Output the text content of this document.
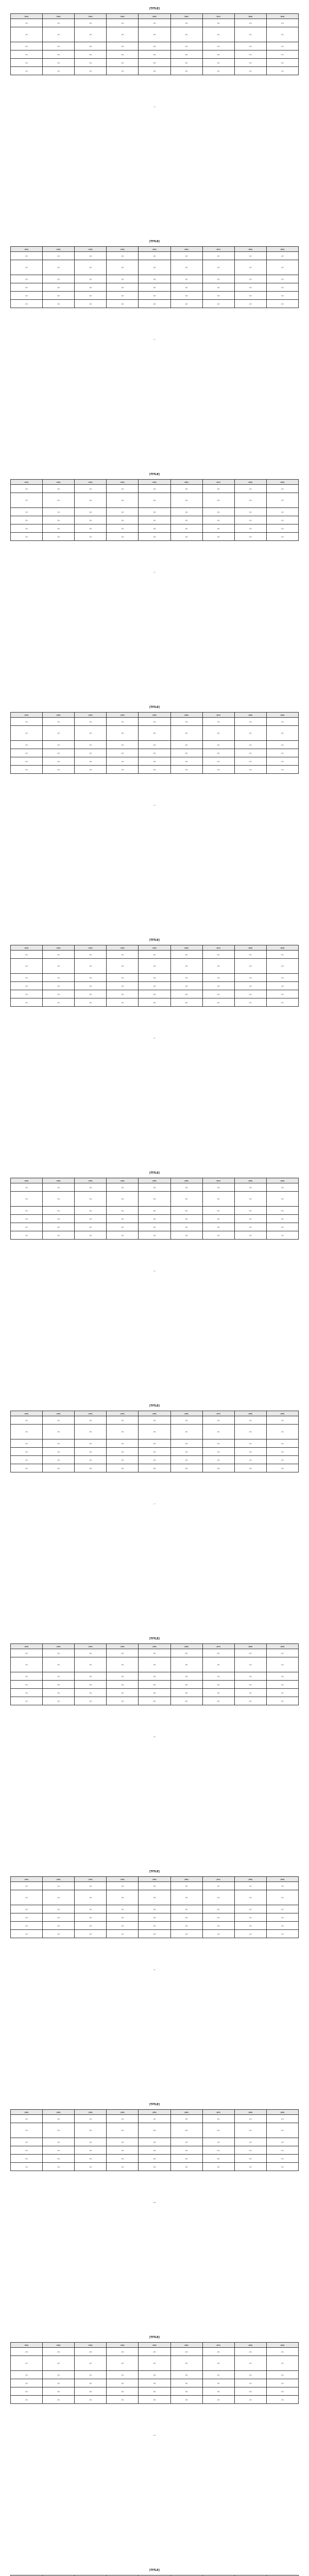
[TITLE]
[H1]	[H2]	[H3]	[H4]	[H5]	[H6]	[H7]	[H8]	[H9]
[X]	[X]	[X]	[X]	[X]	[X]	[X]	[X]	[X]
[X]	[X]	[X]	[X]	[X]	[X]	[X]	[X]	[X]
[X]	[X]	[X]	[X]	[X]	[X]	[X]	[X]	[X]
[X]	[X]	[X]	[X]	[X]	[X]	[X]	[X]	[X]
[X]	[X]	[X]	[X]	[X]	[X]	[X]	[X]	[X]
[X]	[X]	[X]	[X]	[X]	[X]	[X]	[X]	[X]
- 1 -
[TITLE]
[H1]	[H2]	[H3]	[H4]	[H5]	[H6]	[H7]	[H8]	[H9]
[X]	[X]	[X]	[X]	[X]	[X]	[X]	[X]	[X]
[X]	[X]	[X]	[X]	[X]	[X]	[X]	[X]	[X]
[X]	[X]	[X]	[X]	[X]	[X]	[X]	[X]	[X]
[X]	[X]	[X]	[X]	[X]	[X]	[X]	[X]	[X]
[X]	[X]	[X]	[X]	[X]	[X]	[X]	[X]	[X]
[X]	[X]	[X]	[X]	[X]	[X]	[X]	[X]	[X]
- 2 -
[TITLE]
[H1]	[H2]	[H3]	[H4]	[H5]	[H6]	[H7]	[H8]	[H9]
[X]	[X]	[X]	[X]	[X]	[X]	[X]	[X]	[X]
[X]	[X]	[X]	[X]	[X]	[X]	[X]	[X]	[X]
[X]	[X]	[X]	[X]	[X]	[X]	[X]	[X]	[X]
[X]	[X]	[X]	[X]	[X]	[X]	[X]	[X]	[X]
[X]	[X]	[X]	[X]	[X]	[X]	[X]	[X]	[X]
[X]	[X]	[X]	[X]	[X]	[X]	[X]	[X]	[X]
- 3 -
[TITLE]
[H1]	[H2]	[H3]	[H4]	[H5]	[H6]	[H7]	[H8]	[H9]
[X]	[X]	[X]	[X]	[X]	[X]	[X]	[X]	[X]
[X]	[X]	[X]	[X]	[X]	[X]	[X]	[X]	[X]
[X]	[X]	[X]	[X]	[X]	[X]	[X]	[X]	[X]
[X]	[X]	[X]	[X]	[X]	[X]	[X]	[X]	[X]
[X]	[X]	[X]	[X]	[X]	[X]	[X]	[X]	[X]
[X]	[X]	[X]	[X]	[X]	[X]	[X]	[X]	[X]
- 4 -
[TITLE]
[H1]	[H2]	[H3]	[H4]	[H5]	[H6]	[H7]	[H8]	[H9]
[X]	[X]	[X]	[X]	[X]	[X]	[X]	[X]	[X]
[X]	[X]	[X]	[X]	[X]	[X]	[X]	[X]	[X]
[X]	[X]	[X]	[X]	[X]	[X]	[X]	[X]	[X]
[X]	[X]	[X]	[X]	[X]	[X]	[X]	[X]	[X]
[X]	[X]	[X]	[X]	[X]	[X]	[X]	[X]	[X]
[X]	[X]	[X]	[X]	[X]	[X]	[X]	[X]	[X]
- 5 -
[TITLE]
[H1]	[H2]	[H3]	[H4]	[H5]	[H6]	[H7]	[H8]	[H9]
[X]	[X]	[X]	[X]	[X]	[X]	[X]	[X]	[X]
[X]	[X]	[X]	[X]	[X]	[X]	[X]	[X]	[X]
[X]	[X]	[X]	[X]	[X]	[X]	[X]	[X]	[X]
[X]	[X]	[X]	[X]	[X]	[X]	[X]	[X]	[X]
[X]	[X]	[X]	[X]	[X]	[X]	[X]	[X]	[X]
[X]	[X]	[X]	[X]	[X]	[X]	[X]	[X]	[X]
- 6 -
[TITLE]
[H1]	[H2]	[H3]	[H4]	[H5]	[H6]	[H7]	[H8]	[H9]
[X]	[X]	[X]	[X]	[X]	[X]	[X]	[X]	[X]
[X]	[X]	[X]	[X]	[X]	[X]	[X]	[X]	[X]
[X]	[X]	[X]	[X]	[X]	[X]	[X]	[X]	[X]
[X]	[X]	[X]	[X]	[X]	[X]	[X]	[X]	[X]
[X]	[X]	[X]	[X]	[X]	[X]	[X]	[X]	[X]
[X]	[X]	[X]	[X]	[X]	[X]	[X]	[X]	[X]
- 7 -
[TITLE]
[H1]	[H2]	[H3]	[H4]	[H5]	[H6]	[H7]	[H8]	[H9]
[X]	[X]	[X]	[X]	[X]	[X]	[X]	[X]	[X]
[X]	[X]	[X]	[X]	[X]	[X]	[X]	[X]	[X]
[X]	[X]	[X]	[X]	[X]	[X]	[X]	[X]	[X]
[X]	[X]	[X]	[X]	[X]	[X]	[X]	[X]	[X]
[X]	[X]	[X]	[X]	[X]	[X]	[X]	[X]	[X]
[X]	[X]	[X]	[X]	[X]	[X]	[X]	[X]	[X]
- 8 -
[TITLE]
[H1]	[H2]	[H3]	[H4]	[H5]	[H6]	[H7]	[H8]	[H9]
[X]	[X]	[X]	[X]	[X]	[X]	[X]	[X]	[X]
[X]	[X]	[X]	[X]	[X]	[X]	[X]	[X]	[X]
[X]	[X]	[X]	[X]	[X]	[X]	[X]	[X]	[X]
[X]	[X]	[X]	[X]	[X]	[X]	[X]	[X]	[X]
[X]	[X]	[X]	[X]	[X]	[X]	[X]	[X]	[X]
[X]	[X]	[X]	[X]	[X]	[X]	[X]	[X]	[X]
- 9 -
[TITLE]
[H1]	[H2]	[H3]	[H4]	[H5]	[H6]	[H7]	[H8]	[H9]
[X]	[X]	[X]	[X]	[X]	[X]	[X]	[X]	[X]
[X]	[X]	[X]	[X]	[X]	[X]	[X]	[X]	[X]
[X]	[X]	[X]	[X]	[X]	[X]	[X]	[X]	[X]
[X]	[X]	[X]	[X]	[X]	[X]	[X]	[X]	[X]
[X]	[X]	[X]	[X]	[X]	[X]	[X]	[X]	[X]
[X]	[X]	[X]	[X]	[X]	[X]	[X]	[X]	[X]
- 10 -
[TITLE]
[H1]	[H2]	[H3]	[H4]	[H5]	[H6]	[H7]	[H8]	[H9]
[X]	[X]	[X]	[X]	[X]	[X]	[X]	[X]	[X]
[X]	[X]	[X]	[X]	[X]	[X]	[X]	[X]	[X]
[X]	[X]	[X]	[X]	[X]	[X]	[X]	[X]	[X]
[X]	[X]	[X]	[X]	[X]	[X]	[X]	[X]	[X]
[X]	[X]	[X]	[X]	[X]	[X]	[X]	[X]	[X]
[X]	[X]	[X]	[X]	[X]	[X]	[X]	[X]	[X]
- 11 -
[TITLE]
